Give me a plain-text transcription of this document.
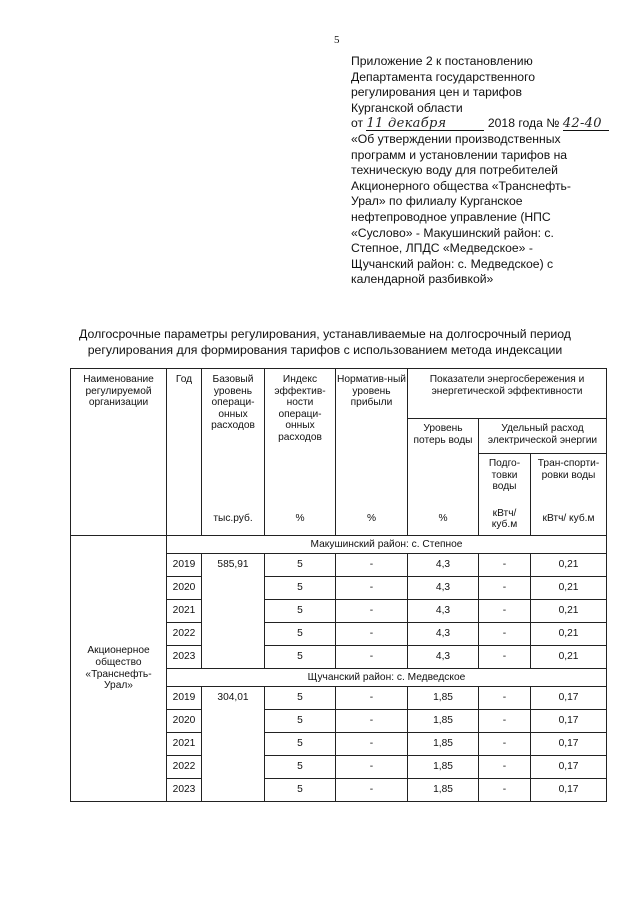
5
Приложение 2 к постановлению
Департамента государственного
регулирования цен и тарифов
Курганской области
от 11 декабря	2018 года № 42-40
«Об утверждении производственных
программ и установлении тарифов на
техническую воду для потребителей
Акционерного общества «Транснефть-
Урал» по филиалу Курганское
нефтепроводное управление (НПС
«Суслово» - Макушинский район: с.
Степное, ЛПДС «Медведское» -
Щучанский район: с. Медведское) с
календарной разбивкой»
Долгосрочные параметры регулирования, устанавливаемые на долгосрочный период
регулирования для формирования тарифов с использованием метода индексации
Наименование регулируемой организации	Год	Базовый уровень операци-онных расходов	Индекс эффектив-ности операци-онных расходов	Норматив-ный уровень прибыли	Показатели энергосбережения и энергетической эффективности		
					Уровень потерь воды	Удельный расход электрической энергии	
						Подго-товки воды	Тран-спорти-ровки воды
		тыс.руб.	%	%	%	кВтч/ куб.м	кВтч/ куб.м
Акционерное общество «Транснефть-Урал»	Макушинский район: с. Степное						
	2019	585,91	5	-	4,3	-	0,21
	2020		5	-	4,3	-	0,21
	2021		5	-	4,3	-	0,21
	2022		5	-	4,3	-	0,21
	2023		5	-	4,3	-	0,21
	Щучанский район: с. Медведское						
	2019	304,01	5	-	1,85	-	0,17
	2020		5	-	1,85	-	0,17
	2021		5	-	1,85	-	0,17
	2022		5	-	1,85	-	0,17
	2023		5	-	1,85	-	0,17
